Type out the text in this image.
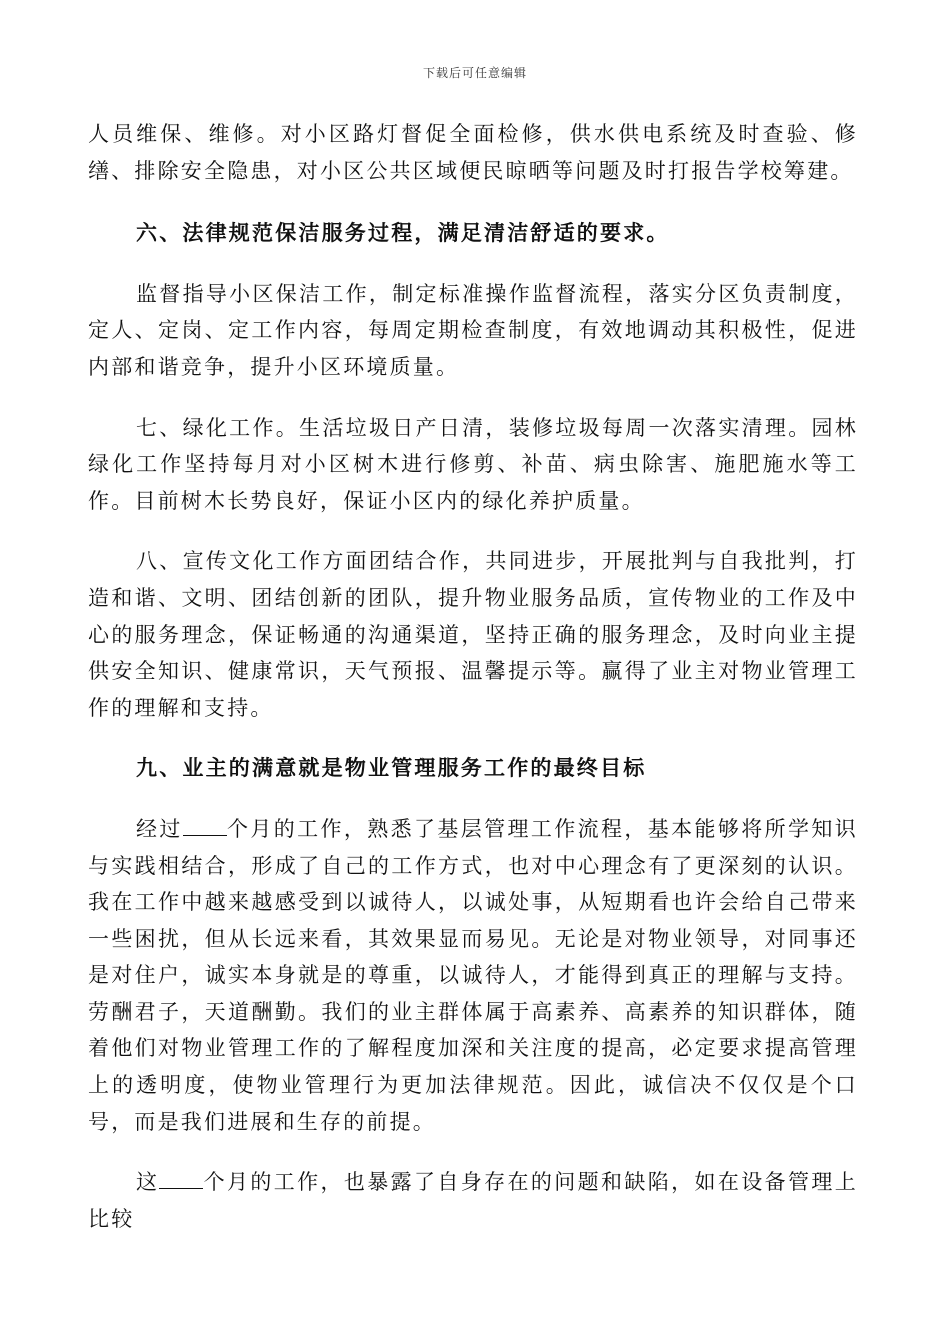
下载后可任意编辑

人员维保、维修。对小区路灯督促全面检修，供水供电系统及时查验、修缮、排除安全隐患，对小区公共区域便民晾晒等问题及时打报告学校筹建。

六、法律规范保洁服务过程，满足清洁舒适的要求。

监督指导小区保洁工作，制定标准操作监督流程，落实分区负责制度，定人、定岗、定工作内容，每周定期检查制度，有效地调动其积极性，促进内部和谐竞争，提升小区环境质量。

七、绿化工作。生活垃圾日产日清，装修垃圾每周一次落实清理。园林绿化工作坚持每月对小区树木进行修剪、补苗、病虫除害、施肥施水等工作。目前树木长势良好，保证小区内的绿化养护质量。

八、宣传文化工作方面团结合作，共同进步，开展批判与自我批判，打造和谐、文明、团结创新的团队，提升物业服务品质，宣传物业的工作及中心的服务理念，保证畅通的沟通渠道，坚持正确的服务理念，及时向业主提供安全知识、健康常识，天气预报、温馨提示等。赢得了业主对物业管理工作的理解和支持。

九、业主的满意就是物业管理服务工作的最终目标

经过 个月的工作，熟悉了基层管理工作流程，基本能够将所学知识与实践相结合，形成了自己的工作方式，也对中心理念有了更深刻的认识。我在工作中越来越感受到以诚待人，以诚处事，从短期看也许会给自己带来一些困扰，但从长远来看，其效果显而易见。无论是对物业领导，对同事还是对住户，诚实本身就是的尊重，以诚待人，才能得到真正的理解与支持。劳酬君子，天道酬勤。我们的业主群体属于高素养、高素养的知识群体，随着他们对物业管理工作的了解程度加深和关注度的提高，必定要求提高管理上的透明度，使物业管理行为更加法律规范。因此，诚信决不仅仅是个口号，而是我们进展和生存的前提。

这 个月的工作，也暴露了自身存在的问题和缺陷，如在设备管理上比较
